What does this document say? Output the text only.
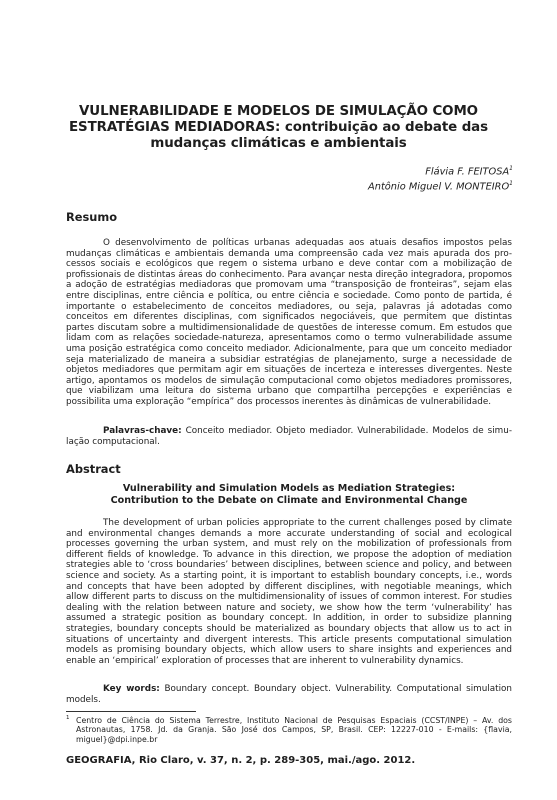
VULNERABILIDADE E MODELOS DE SIMULAÇÃO COMO
ESTRATÉGIAS MEDIADORAS: contribuição ao debate das
mudanças climáticas e ambientais
Flávia F. FEITOSA$^1$
Antônio Miguel V. MONTEIRO$^1$
Resumo

O desenvolvimento de políticas urbanas adequadas aos atuais desafios impostos pelas mudanças climáticas e ambientais demanda uma compreensão cada vez mais apurada dos processos sociais e ecológicos que regem o sistema urbano e deve contar com a mobilização de profissionais de distintas áreas do conhecimento. Para avançar nesta direção integradora, propomos a adoção de estratégias mediadoras que promovam uma “transposição de fronteiras”, sejam elas entre disciplinas, entre ciência e política, ou entre ciência e sociedade. Como ponto de partida, é importante o estabelecimento de conceitos mediadores, ou seja, palavras já adotadas como conceitos em diferentes disciplinas, com significados negociáveis, que permitem que distintas partes discutam sobre a multidimensionalidade de questões de interesse comum. Em estudos que lidam com as relações sociedade-natureza, apresentamos como o termo vulnerabilidade assume uma posição estratégica como conceito mediador. Adicionalmente, para que um conceito mediador seja materializado de maneira a subsidiar estratégias de planejamento, surge a necessidade de objetos mediadores que permitam agir em situações de incerteza e interesses divergentes. Neste artigo, apontamos os modelos de simulação computacional como objetos mediadores promissores, que viabilizam uma leitura do sistema urbano que compartilha percepções e experiências e possibilita uma exploração “empírica” dos processos inerentes às dinâmicas de vulnerabilidade.

Palavras-chave: Conceito mediador. Objeto mediador. Vulnerabilidade. Modelos de simulação computacional.
Abstract
Vulnerability and Simulation Models as Mediation Strategies:
Contribution to the Debate on Climate and Environmental Change

The development of urban policies appropriate to the current challenges posed by climate and environmental changes demands a more accurate understanding of social and ecological processes governing the urban system, and must rely on the mobilization of professionals from different fields of knowledge. To advance in this direction, we propose the adoption of mediation strategies able to ‘cross boundaries’ between disciplines, between science and policy, and between science and society. As a starting point, it is important to establish boundary concepts, i.e., words and concepts that have been adopted by different disciplines, with negotiable meanings, which allow different parts to discuss on the multidimensionality of issues of common interest. For studies dealing with the relation between nature and society, we show how the term ‘vulnerability’ has assumed a strategic position as boundary concept. In addition, in order to subsidize planning strategies, boundary concepts should be materialized as boundary objects that allow us to act in situations of uncertainty and divergent interests. This article presents computational simulation models as promising boundary objects, which allow users to share insights and experiences and enable an ‘empirical’ exploration of processes that are inherent to vulnerability dynamics.

Key words: Boundary concept. Boundary object. Vulnerability. Computational simulation models.
1 Centro de Ciência do Sistema Terrestre, Instituto Nacional de Pesquisas Espaciais (CCST/INPE) – Av. dos Astronautas, 1758. Jd. da Granja. São José dos Campos, SP, Brasil. CEP: 12227-010 - E-mails: {flavia, miguel}@dpi.inpe.br
GEOGRAFIA, Rio Claro, v. 37, n. 2, p. 289-305, mai./ago. 2012.
